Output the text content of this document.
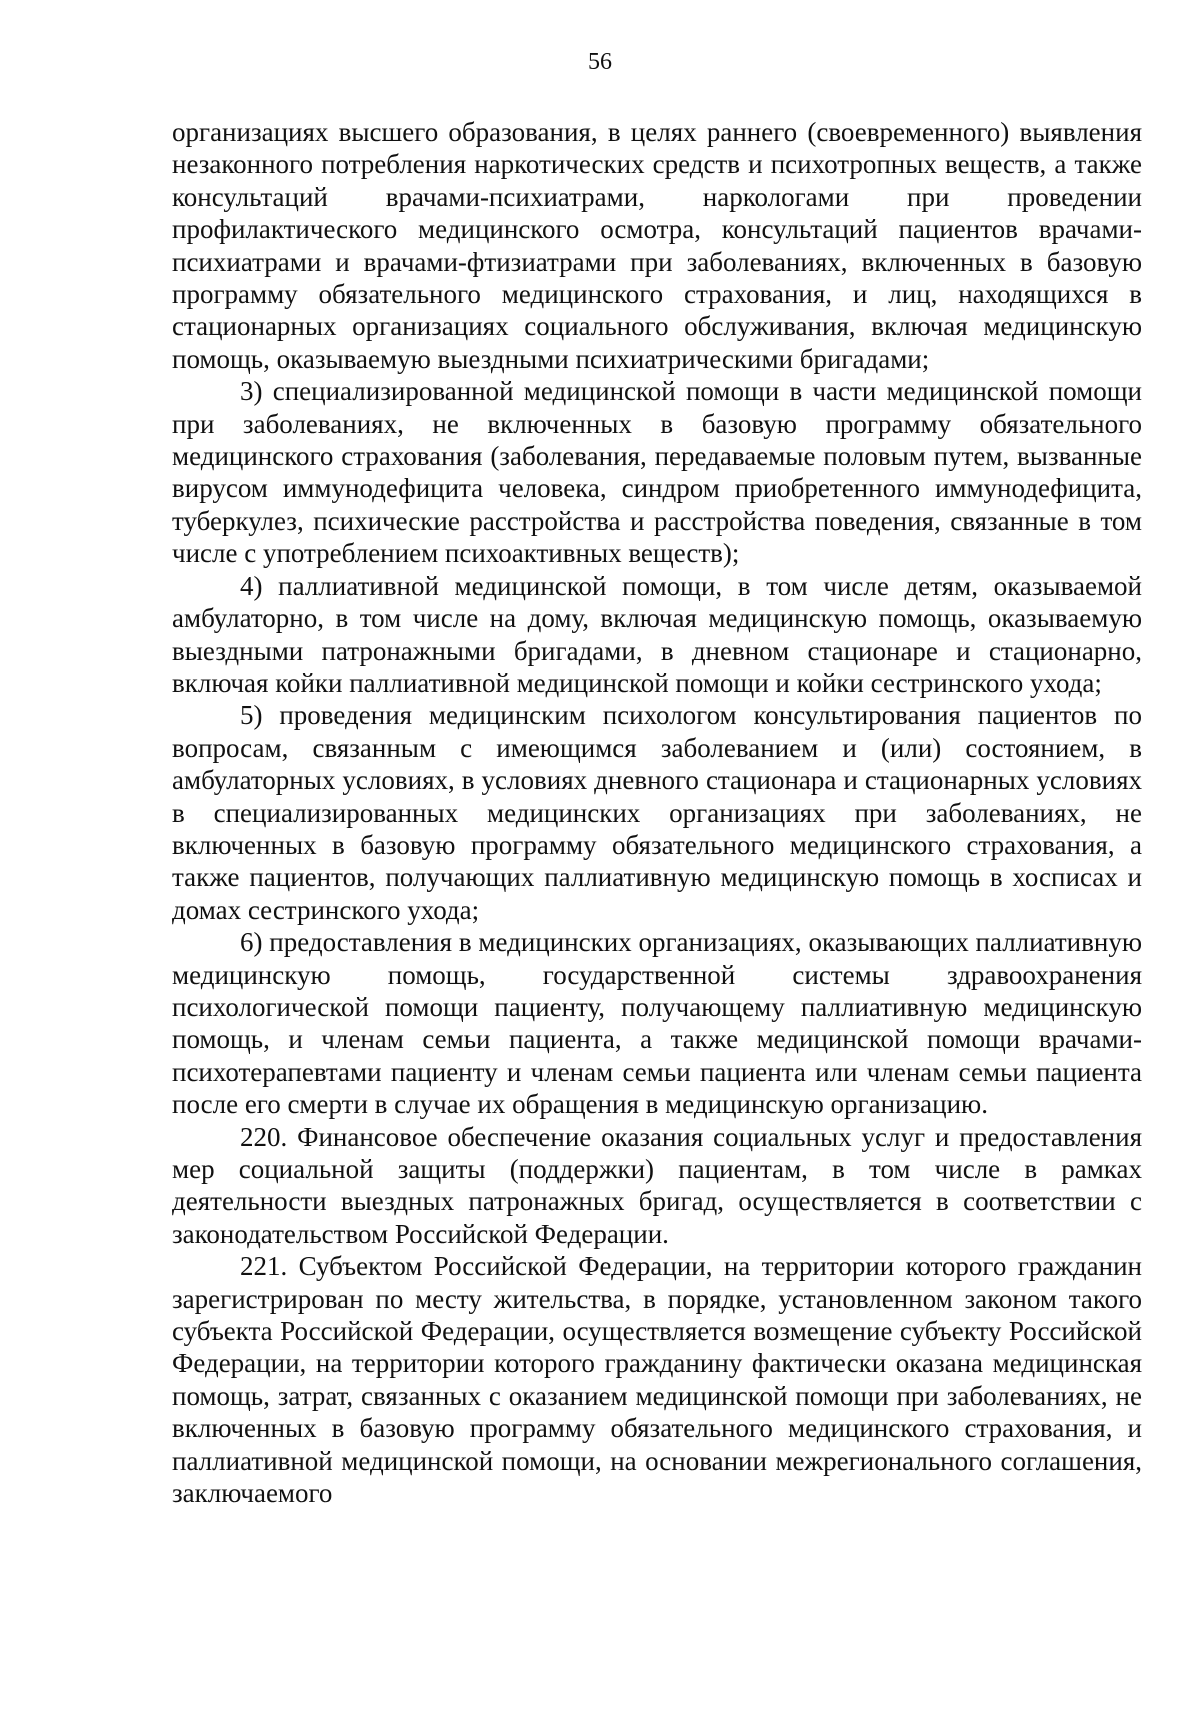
56

организациях высшего образования, в целях раннего (своевременного) выявления незаконного потребления наркотических средств и психотропных веществ, а также консультаций врачами-психиатрами, наркологами при проведении профилактического медицинского осмотра, консультаций пациентов врачами-психиатрами и врачами-фтизиатрами при заболеваниях, включенных в базовую программу обязательного медицинского страхования, и лиц, находящихся в стационарных организациях социального обслуживания, включая медицинскую помощь, оказываемую выездными психиатрическими бригадами;

3) специализированной медицинской помощи в части медицинской помощи при заболеваниях, не включенных в базовую программу обязательного медицинского страхования (заболевания, передаваемые половым путем, вызванные вирусом иммунодефицита человека, синдром приобретенного иммунодефицита, туберкулез, психические расстройства и расстройства поведения, связанные в том числе с употреблением психоактивных веществ);

4) паллиативной медицинской помощи, в том числе детям, оказываемой амбулаторно, в том числе на дому, включая медицинскую помощь, оказываемую выездными патронажными бригадами, в дневном стационаре и стационарно, включая койки паллиативной медицинской помощи и койки сестринского ухода;

5) проведения медицинским психологом консультирования пациентов по вопросам, связанным с имеющимся заболеванием и (или) состоянием, в амбулаторных условиях, в условиях дневного стационара и стационарных условиях в специализированных медицинских организациях при заболеваниях, не включенных в базовую программу обязательного медицинского страхования, а также пациентов, получающих паллиативную медицинскую помощь в хосписах и домах сестринского ухода;

6) предоставления в медицинских организациях, оказывающих паллиативную медицинскую помощь, государственной системы здравоохранения психологической помощи пациенту, получающему паллиативную медицинскую помощь, и членам семьи пациента, а также медицинской помощи врачами-психотерапевтами пациенту и членам семьи пациента или членам семьи пациента после его смерти в случае их обращения в медицинскую организацию.

220. Финансовое обеспечение оказания социальных услуг и предоставления мер социальной защиты (поддержки) пациентам, в том числе в рамках деятельности выездных патронажных бригад, осуществляется в соответствии с законодательством Российской Федерации.

221. Субъектом Российской Федерации, на территории которого гражданин зарегистрирован по месту жительства, в порядке, установленном законом такого субъекта Российской Федерации, осуществляется возмещение субъекту Российской Федерации, на территории которого гражданину фактически оказана медицинская помощь, затрат, связанных с оказанием медицинской помощи при заболеваниях, не включенных в базовую программу обязательного медицинского страхования, и паллиативной медицинской помощи, на основании межрегионального соглашения, заключаемого
